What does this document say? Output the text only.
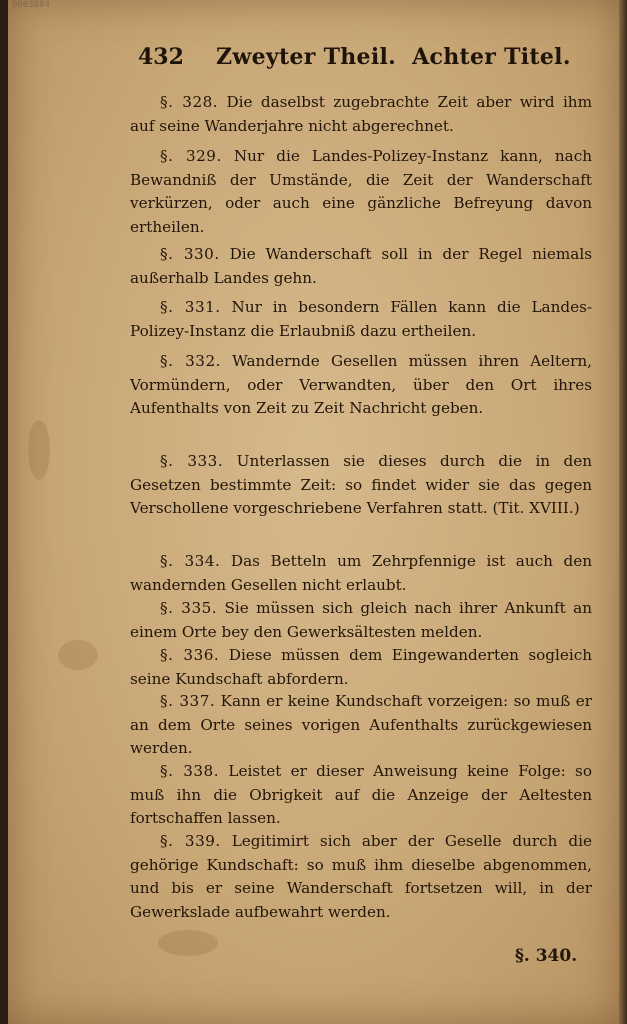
0003884
432 Zweyter Theil. Achter Titel.
§. 328. Die daselbst zugebrachte Zeit aber wird ihm auf seine Wanderjahre nicht abgerechnet.
§. 329. Nur die Landes-Polizey-Instanz kann, nach Bewandniß der Umstände, die Zeit der Wanderschaft verkürzen, oder auch eine gänzliche Befreyung davon ertheilen.
§. 330. Die Wanderschaft soll in der Regel niemals außerhalb Landes gehn.
§. 331. Nur in besondern Fällen kann die Landes-Polizey-Instanz die Erlaubniß dazu ertheilen.
§. 332. Wandernde Gesellen müssen ihren Aeltern, Vormündern, oder Verwandten, über den Ort ihres Aufenthalts von Zeit zu Zeit Nachricht geben.
§. 333. Unterlassen sie dieses durch die in den Gesetzen bestimmte Zeit: so findet wider sie das gegen Verschollene vorgeschriebene Verfahren statt. (Tit. XVIII.)
§. 334. Das Betteln um Zehrpfennige ist auch den wandernden Gesellen nicht erlaubt.
§. 335. Sie müssen sich gleich nach ihrer Ankunft an einem Orte bey den Gewerksältesten melden.
§. 336. Diese müssen dem Eingewanderten sogleich seine Kundschaft abfordern.
§. 337. Kann er keine Kundschaft vorzeigen: so muß er an dem Orte seines vorigen Aufenthalts zurückgewiesen werden.
§. 338. Leistet er dieser Anweisung keine Folge: so muß ihn die Obrigkeit auf die Anzeige der Aeltesten fortschaffen lassen.
§. 339. Legitimirt sich aber der Geselle durch die gehörige Kundschaft: so muß ihm dieselbe abgenommen, und bis er seine Wanderschaft fortsetzen will, in der Gewerkslade aufbewahrt werden.
§. 340.
